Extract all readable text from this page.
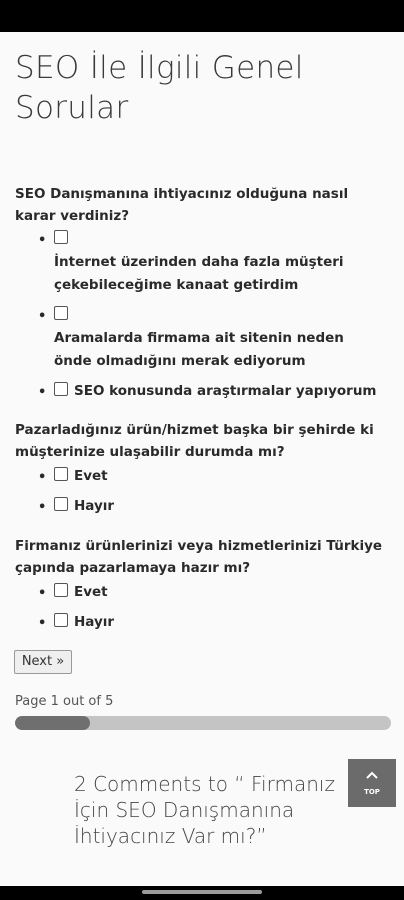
SEO İle İlgili Genel Sorular
SEO Danışmanına ihtiyacınız olduğuna nasıl karar verdiniz?
•
İnternet üzerinden daha fazla müşteri çekebileceğime kanaat getirdim
•
Aramalarda firmama ait sitenin neden önde olmadığını merak ediyorum
• SEO konusunda araştırmalar yapıyorum
Pazarladığınız ürün/hizmet başka bir şehirde ki müşterinize ulaşabilir durumda mı?
• Evet
• Hayır
Firmanız ürünlerinizi veya hizmetlerinizi Türkiye çapında pazarlamaya hazır mı?
• Evet
• Hayır
Next »
Page 1 out of 5
2 Comments to “ Firmanız İçin SEO Danışmanına İhtiyacınız Var mı?”
TOP
